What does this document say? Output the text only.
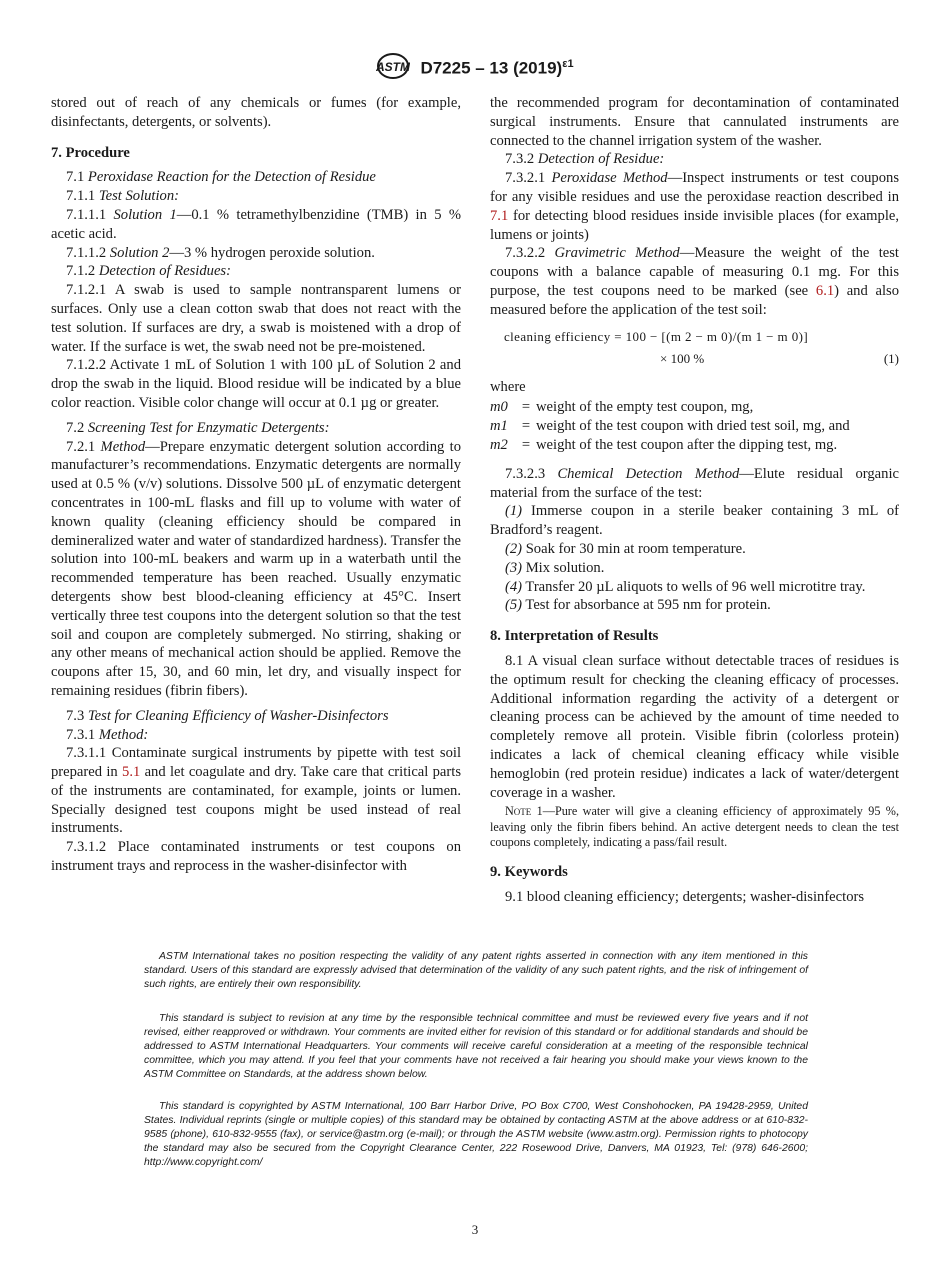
ASTM D7225 – 13 $(2019)^{\varepsilon 1}$

stored out of reach of any chemicals or fumes (for example, disinfectants, detergents, or solvents).

7. Procedure

7.1 Peroxidase Reaction for the Detection of Residue

7.1.1 Test Solution:

7.1.1.1 Solution 1—0.1 % tetramethylbenzidine (TMB) in 5 % acetic acid.

7.1.1.2 Solution 2—3 % hydrogen peroxide solution.

7.1.2 Detection of Residues:

7.1.2.1 A swab is used to sample nontransparent lumens or surfaces. Only use a clean cotton swab that does not react with the test solution. If surfaces are dry, a swab is moistened with a drop of water. If the surface is wet, the swab need not be pre-moistened.

7.1.2.2 Activate 1 mL of Solution 1 with 100 µL of Solution 2 and drop the swab in the liquid. Blood residue will be indicated by a blue color reaction. Visible color change will occur at 0.1 µg or greater.

7.2 Screening Test for Enzymatic Detergents:

7.2.1 Method—Prepare enzymatic detergent solution according to manufacturer’s recommendations. Enzymatic detergents are normally used at 0.5 % (v/v) solutions. Dissolve 500 µL of enzymatic detergent concentrates in 100-mL flasks and fill up to volume with water of known quality (cleaning efficiency should be compared in demineralized water and water of standardized hardness). Transfer the solution into 100-mL beakers and warm up in a waterbath until the recommended temperature has been reached. Usually enzymatic detergents show best blood-cleaning efficiency at 45°C. Insert vertically three test coupons into the detergent solution so that the test soil and coupon are completely submerged. No stirring, shaking or any other means of mechanical action should be applied. Remove the coupons after 15, 30, and 60 min, let dry, and visually inspect for remaining residues (fibrin fibers).

7.3 Test for Cleaning Efficiency of Washer-Disinfectors

7.3.1 Method:

7.3.1.1 Contaminate surgical instruments by pipette with test soil prepared in 5.1 and let coagulate and dry. Take care that critical parts of the instruments are contaminated, for example, joints or lumen. Specially designed test coupons might be used instead of real instruments.

7.3.1.2 Place contaminated instruments or test coupons on instrument trays and reprocess in the washer-disinfector with

the recommended program for decontamination of contaminated surgical instruments. Ensure that cannulated instruments are connected to the channel irrigation system of the washer.

7.3.2 Detection of Residue:

7.3.2.1 Peroxidase Method—Inspect instruments or test coupons for any visible residues and use the peroxidase reaction described in 7.1 for detecting blood residues inside invisible places (for example, lumens or joints)

7.3.2.2 Gravimetric Method—Measure the weight of the test coupons with a balance capable of measuring 0.1 mg. For this purpose, the test coupons need to be marked (see 6.1) and also measured before the application of the test soil:

cleaning efficiency = 100 − [(m 2 − m 0)/(m 1 − m 0)]
× 100 %	(1)

where

m0 = weight of the empty test coupon, mg,
m1 = weight of the test coupon with dried test soil, mg, and
m2 = weight of the test coupon after the dipping test, mg.

7.3.2.3 Chemical Detection Method—Elute residual organic material from the surface of the test:

(1) Immerse coupon in a sterile beaker containing 3 mL of Bradford’s reagent.

(2) Soak for 30 min at room temperature.

(3) Mix solution.

(4) Transfer 20 µL aliquots to wells of 96 well microtitre tray.

(5) Test for absorbance at 595 nm for protein.

8. Interpretation of Results

8.1 A visual clean surface without detectable traces of residues is the optimum result for checking the cleaning efficacy of processes. Additional information regarding the activity of a detergent or cleaning process can be achieved by the amount of time needed to completely remove all protein. Visible fibrin (colorless protein) indicates a lack of chemical cleaning efficacy while visible hemoglobin (red protein residue) indicates a lack of water/detergent coverage in a washer.

Note 1—Pure water will give a cleaning efficiency of approximately 95 %, leaving only the fibrin fibers behind. An active detergent needs to clean the test coupons completely, indicating a pass/fail result.

9. Keywords

9.1 blood cleaning efficiency; detergents; washer-disinfectors

ASTM International takes no position respecting the validity of any patent rights asserted in connection with any item mentioned in this standard. Users of this standard are expressly advised that determination of the validity of any such patent rights, and the risk of infringement of such rights, are entirely their own responsibility.

This standard is subject to revision at any time by the responsible technical committee and must be reviewed every five years and if not revised, either reapproved or withdrawn. Your comments are invited either for revision of this standard or for additional standards and should be addressed to ASTM International Headquarters. Your comments will receive careful consideration at a meeting of the responsible technical committee, which you may attend. If you feel that your comments have not received a fair hearing you should make your views known to the ASTM Committee on Standards, at the address shown below.

This standard is copyrighted by ASTM International, 100 Barr Harbor Drive, PO Box C700, West Conshohocken, PA 19428-2959, United States. Individual reprints (single or multiple copies) of this standard may be obtained by contacting ASTM at the above address or at 610-832-9585 (phone), 610-832-9555 (fax), or service@astm.org (e-mail); or through the ASTM website (www.astm.org). Permission rights to photocopy the standard may also be secured from the Copyright Clearance Center, 222 Rosewood Drive, Danvers, MA 01923, Tel: (978) 646-2600; http://www.copyright.com/

3
